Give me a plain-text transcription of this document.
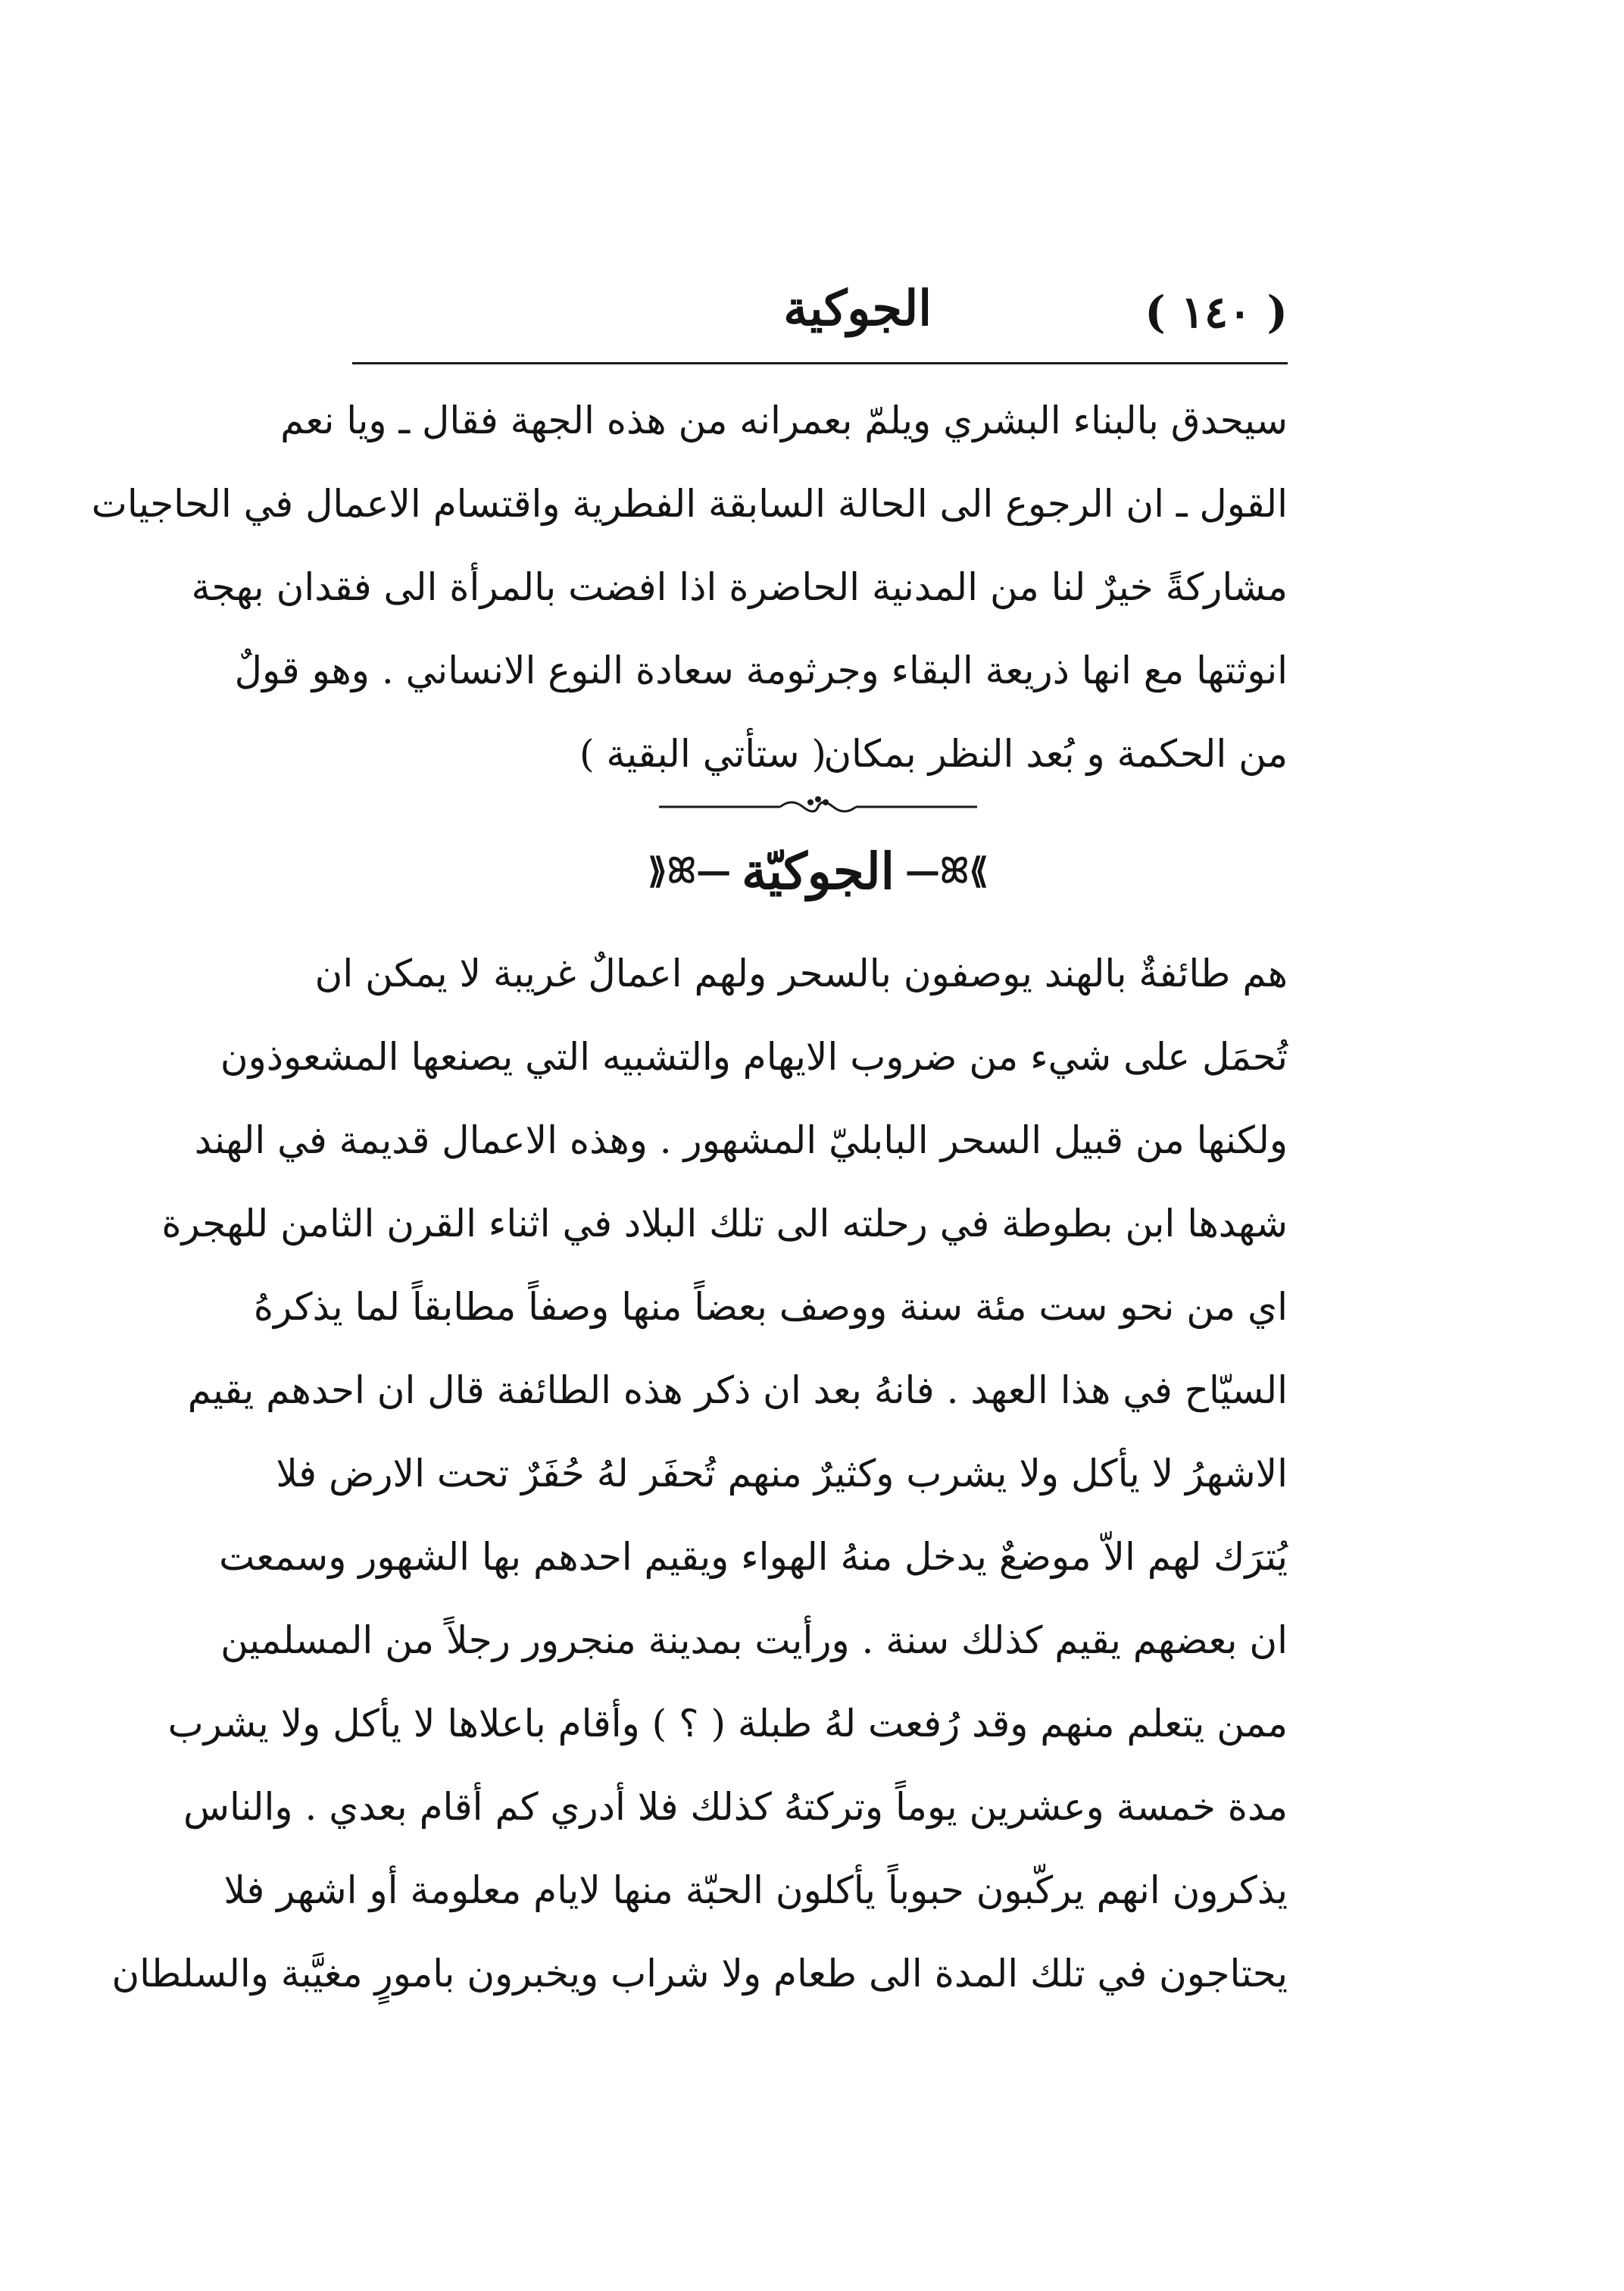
( ١٤٠ )
الجوكية
سيحدق بالبناء البشري ويلمّ بعمرانه من هذه الجهة فقال ـ ويا نعم
القول ـ ان الرجوع الى الحالة السابقة الفطرية واقتسام الاعمال في الحاجيات
مشاركةً خيرٌ لنا من المدنية الحاضرة اذا افضت بالمرأة الى فقدان بهجة
انوثتها مع انها ذريعة البقاء وجرثومة سعادة النوع الانساني . وهو قولٌ
من الحكمة و بُعد النظر بمكان
( ستأتي البقية )
⟫ꕤ—
الجوكيّة
—ꕤ⟪
هم طائفةٌ بالهند يوصفون بالسحر ولهم اعمالٌ غريبة لا يمكن ان
تُحمَل على شيء من ضروب الايهام والتشبيه التي يصنعها المشعوذون
ولكنها من قبيل السحر البابليّ المشهور . وهذه الاعمال قديمة في الهند
شهدها ابن بطوطة في رحلته الى تلك البلاد في اثناء القرن الثامن للهجرة
اي من نحو ست مئة سنة ووصف بعضاً منها وصفاً مطابقاً لما يذكرهُ
السيّاح في هذا العهد . فانهُ بعد ان ذكر هذه الطائفة قال ان احدهم يقيم
الاشهرُ لا يأكل ولا يشرب وكثيرٌ منهم تُحفَر لهُ حُفَرٌ تحت الارض فلا
يُترَك لهم الاّ موضعٌ يدخل منهُ الهواء ويقيم احدهم بها الشهور وسمعت
ان بعضهم يقيم كذلك سنة . ورأيت بمدينة منجرور رجلاً من المسلمين
ممن يتعلم منهم وقد رُفعت لهُ طبلة ( ؟ ) وأقام باعلاها لا يأكل ولا يشرب
مدة خمسة وعشرين يوماً وتركتهُ كذلك فلا أدري كم أقام بعدي . والناس
يذكرون انهم يركّبون حبوباً يأكلون الحبّة منها لايام معلومة أو اشهر فلا
يحتاجون في تلك المدة الى طعام ولا شراب ويخبرون بامورٍ مغيَّبة والسلطان
